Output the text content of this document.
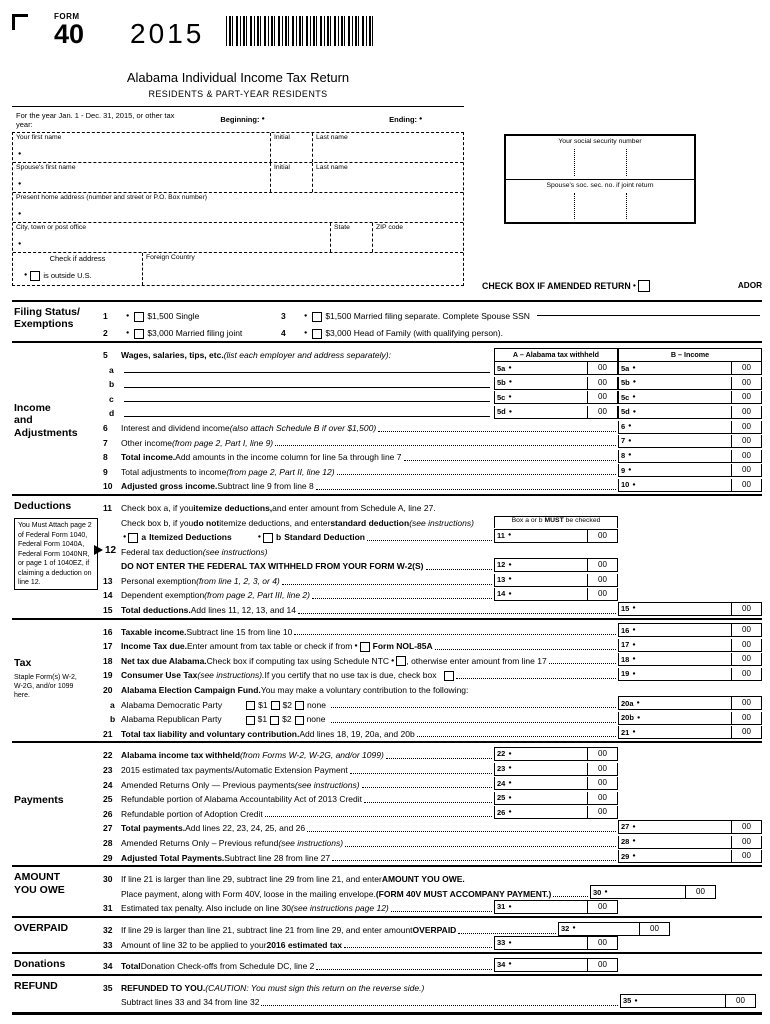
FORM
40 2015
Alabama Individual Income Tax Return
RESIDENTS & PART-YEAR RESIDENTS
For the year Jan. 1 - Dec. 31, 2015, or other tax year:
Beginning: ●	Ending:
●
Your first name
●	Initial	Last name
Spouse's first name
●	Initial	Last name
Present home address (number and street or P.O. Box number)
●
City, town or post office
●	State	ZIP code
Check if address
●
is outside U.S.
Foreign Country
Your social security number
Spouse's soc. sec. no. if joint return
CHECK BOX IF AMENDED RETURN ●	ADOR
Filing Status/
Exemptions
1 ●	$1,500 Single	3 ●	$1,500 Married filing separate. Complete Spouse SSN
2 ●	$3,000 Married filing joint	4 ●	$3,000 Head of Family (with qualifying person).
Income
and
Adjustments
5	Wages, salaries, tips, etc. (list each employer and address separately):	A – Alabama tax withheld	B – Income
a	5a ●	00	5a ●	00
b	5b ●	00	5b ●	00
c	5c ●	00	5c ●	00
d	5d ●	00	5d ●	00
6	Interest and dividend income (also attach Schedule B if over $1,500)	6 ●	00
7	Other income (from page 2, Part I, line 9)	7 ●	00
8	Total income. Add amounts in the income column for line 5a through line 7	8 ●	00
9	Total adjustments to income (from page 2, Part II, line 12)	9 ●	00
10	Adjusted gross income. Subtract line 9 from line 8	10 ●	00
Deductions
You Must Attach page 2 of Federal Form 1040, Federal Form 1040A, Federal Form 1040NR, or page 1 of 1040EZ, if claiming a deduction on line 12.
11	Check box a, if you itemize deductions, and enter amount from Schedule A, line 27.
Check box b, if you do not itemize deductions, and enter standard deduction (see instructions)	Box a or b MUST be checked
●
a Itemized Deductions ●	b Standard Deduction	11 ●	00
12 Federal tax deduction (see instructions)
DO NOT ENTER THE FEDERAL TAX WITHHELD FROM YOUR FORM W-2(S)	12 ●	00
13	Personal exemption (from line 1, 2, 3, or 4)	13 ●	00
14	Dependent exemption (from page 2, Part III, line 2)	14 ●	00
15	Total deductions. Add lines 11, 12, 13, and 14	15 ●	00
Tax
Staple Form(s) W-2,
W-2G, and/or 1099
here.
16	Taxable income. Subtract line 15 from line 10	16 ●	00
17	Income Tax due. Enter amount from tax table or check if from ● Form NOL-85A	17 ●	00
18	Net tax due Alabama. Check box if computing tax using Schedule NTC ● , otherwise enter amount from line 17	18 ●	00
19	Consumer Use Tax (see instructions). If you certify that no use tax is due, check box	19 ●	00
20	Alabama Election Campaign Fund. You may make a voluntary contribution to the following:
a Alabama Democratic Party	$1 $2 none	20a ●	00
b Alabama Republican Party	$1 $2 none	20b ●	00
21	Total tax liability and voluntary contribution. Add lines 18, 19, 20a, and 20b	21 ●	00
Payments
22	Alabama income tax withheld (from Forms W-2, W-2G, and/or 1099)	22 ●	00
23	2015 estimated tax payments/Automatic Extension Payment	23 ●	00
24	Amended Returns Only — Previous payments (see instructions)	24 ●	00
25	Refundable portion of Alabama Accountability Act of 2013 Credit	25 ●	00
26	Refundable portion of Adoption Credit	26 ●	00
27	Total payments. Add lines 22, 23, 24, 25, and 26	27 ●	00
28	Amended Returns Only – Previous refund (see instructions)	28 ●	00
29	Adjusted Total Payments. Subtract line 28 from line 27	29 ●	00
AMOUNT
YOU OWE
30	If line 21 is larger than line 29, subtract line 29 from line 21, and enter AMOUNT YOU OWE.
Place payment, along with Form 40V, loose in the mailing envelope. (FORM 40V MUST ACCOMPANY PAYMENT.)	30 ●	00
31	Estimated tax penalty. Also include on line 30 (see instructions page 12)	31 ●	00
OVERPAID	32	If line 29 is larger than line 21, subtract line 21 from line 29, and enter amount OVERPAID	32 ●	00
33	Amount of line 32 to be applied to your 2016 estimated tax	33 ●	00
Donations	34	Total Donation Check-offs from Schedule DC, line 2	34 ●	00
REFUND	35	REFUNDED TO YOU. (CAUTION: You must sign this return on the reverse side.)
Subtract lines 33 and 34 from line 32	35 ●	00
